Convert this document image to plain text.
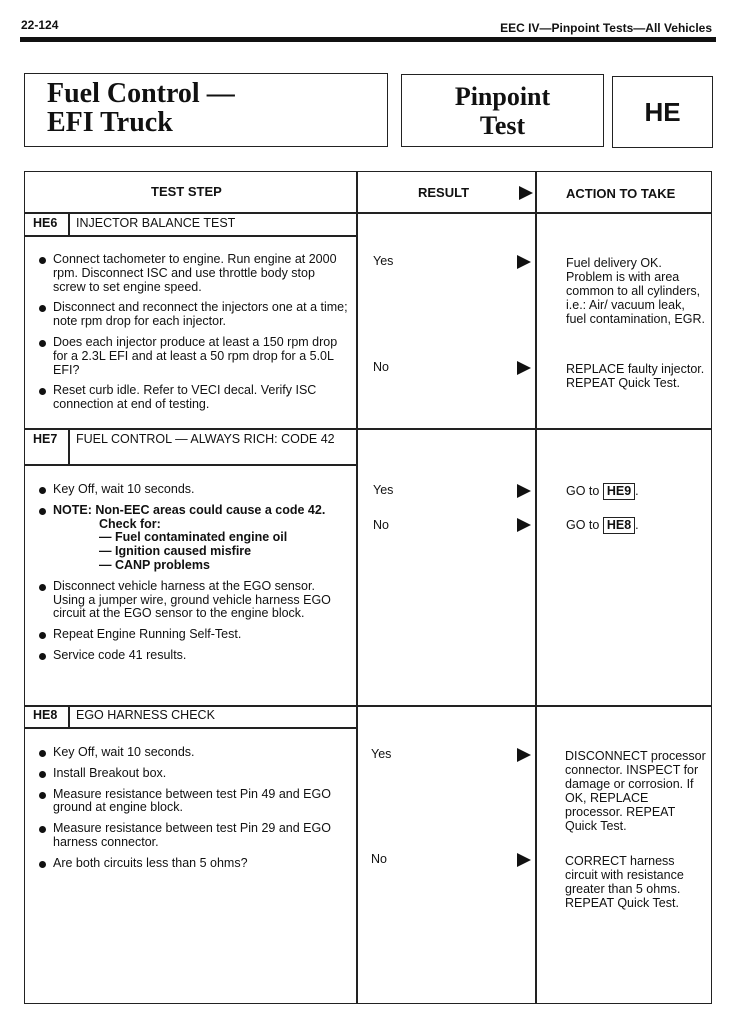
22-124	EEC IV—Pinpoint Tests—All Vehicles
Fuel Control —
EFI Truck
Pinpoint
Test	HE
TEST STEP	RESULT	ACTION TO TAKE
HE6 INJECTOR BALANCE TEST
Connect tachometer to engine. Run engine at 2000 rpm. Disconnect ISC and use throttle body stop screw to set engine speed.
Disconnect and reconnect the injectors one at a time; note rpm drop for each injector.
Does each injector produce at least a 150 rpm drop for a 2.3L EFI and at least a 50 rpm drop for a 5.0L EFI?
Reset curb idle. Refer to VECI decal. Verify ISC connection at end of testing.
Yes	Fuel delivery OK. Problem is with area common to all cylinders, i.e.: Air/ vacuum leak, fuel contamination, EGR.
No	REPLACE faulty injector. REPEAT Quick Test.
HE7 FUEL CONTROL — ALWAYS RICH: CODE 42
Key Off, wait 10 seconds.
NOTE: Non-EEC areas could cause a code 42.
Check for:
— Fuel contaminated engine oil
— Ignition caused misfire
— CANP problems
Disconnect vehicle harness at the EGO sensor. Using a jumper wire, ground vehicle harness EGO circuit at the EGO sensor to the engine block.
Repeat Engine Running Self-Test.
Service code 41 results.
Yes	GO to HE9 .
No	GO to HE8 .
HE8 EGO HARNESS CHECK
Key Off, wait 10 seconds.
Install Breakout box.
Measure resistance between test Pin 49 and EGO ground at engine block.
Measure resistance between test Pin 29 and EGO harness connector.
Are both circuits less than 5 ohms?
Yes	DISCONNECT processor connector. INSPECT for damage or corrosion. If OK, REPLACE processor. REPEAT Quick Test.
No	CORRECT harness circuit with resistance greater than 5 ohms. REPEAT Quick Test.
